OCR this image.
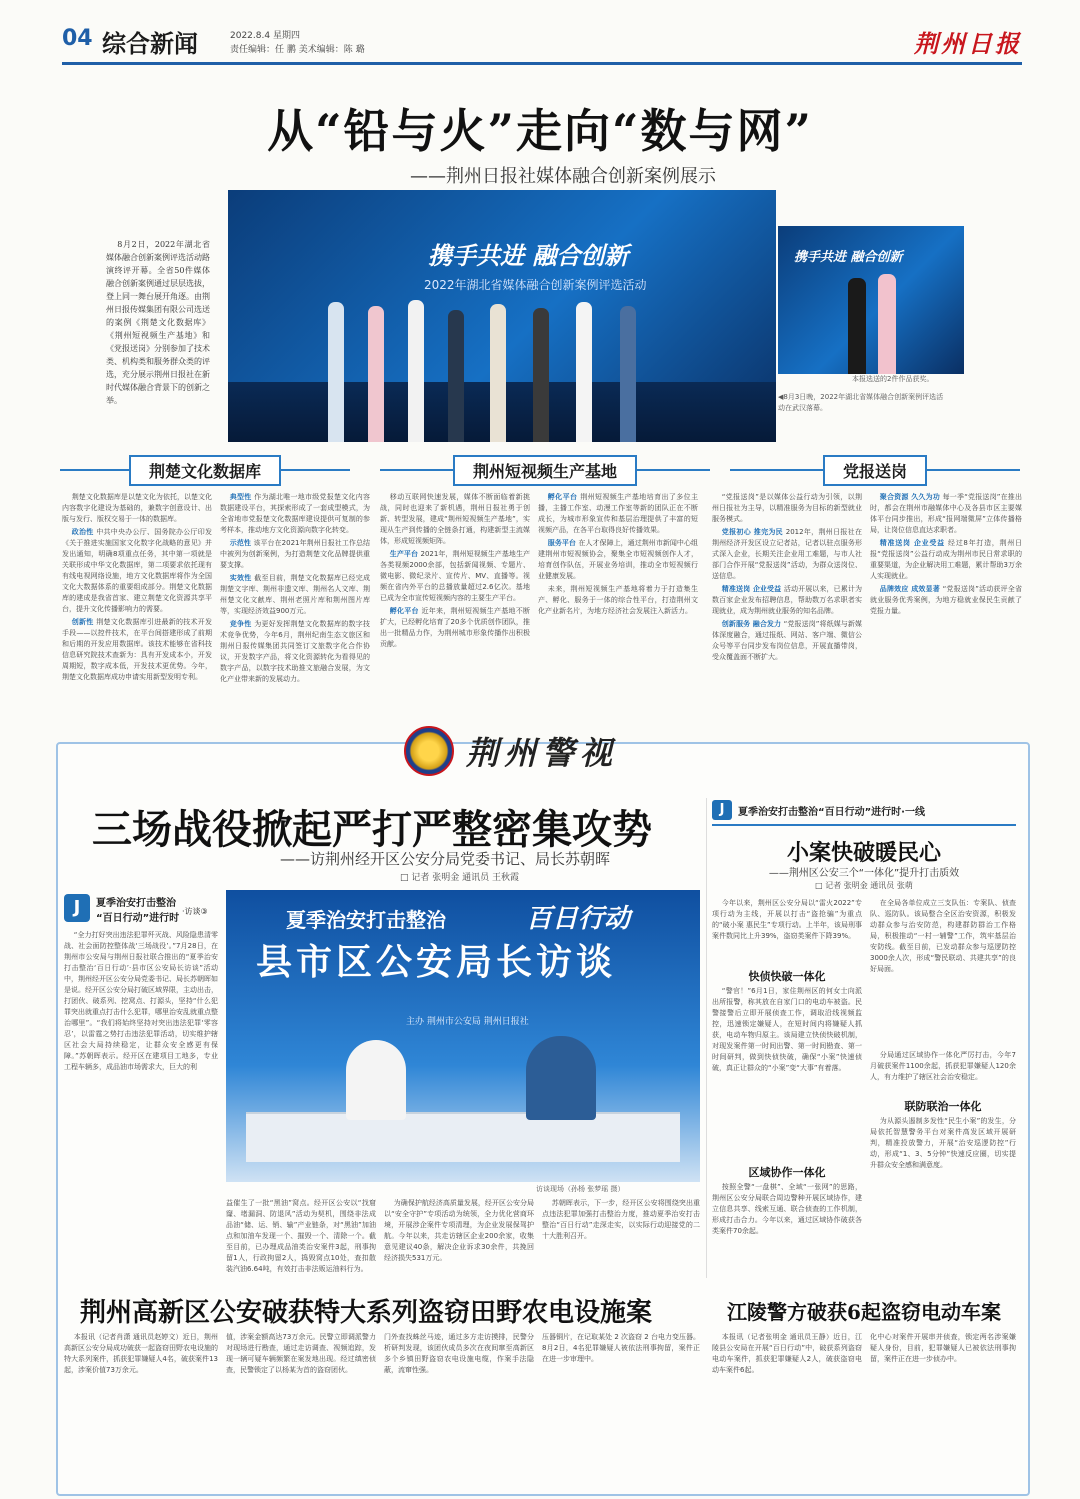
04 综合新闻	2022.8.4 星期四
责任编辑：任 鹏 美术编辑：陈 璐	荆州日报
从“铅与火”走向“数与网”
——荆州日报社媒体融合创新案例展示
8月2日，2022年湖北省媒体融合创新案例评选活动路演终评开幕。全省50件媒体融合创新案例通过层层选拔，登上同一舞台展开角逐。由荆州日报传媒集团有限公司选送的案例《荆楚文化数据库》《荆州短视频生产基地》和《党报送岗》分别参加了技术类、机构类和服务群众类的评选，充分展示荆州日报社在新时代媒体融合背景下的创新之举。
携手共进 融合创新
2022年湖北省媒体融合创新案例评选活动
携手共进 融合创新
本报选送的2件作品获奖。
◀8月3日晚，2022年湖北省媒体融合创新案例评选活动在武汉落幕。
荆楚文化数据库	荆州短视频生产基地	党报送岗

荆楚文化数据库是以楚文化为依托，以楚文化内容数字化建设为基础的，兼数字创意设计、出版与发行、版权交易于一体的数据库。

政治性 中共中央办公厅、国务院办公厅印发《关于推进实施国家文化数字化战略的意见》并发出通知，明确8项重点任务，其中第一项就是关联形成中华文化数据库，第二项要求依托现有有线电视网络设施，地方文化数据库将作为全国文化大数据体系的重要组成部分。荆楚文化数据库的建成是我省首家、建立荆楚文化资源共享平台，提升文化传播影响力的需要。

创新性 荆楚文化数据库引进最新的技术开发手段——以控件技术，在平台间搭建形成了前期和后期的开发应用数据库。该技术能够在省科技信息研究院技术查新为：具有开发成本小，开发周期短，数字成本低，开发技术更优势。今年，荆楚文化数据库成功申请实用新型发明专利。

典型性 作为湖北唯一地市级党报楚文化内容数据建设平台，其探索形成了一套成型模式，为全省地市党报楚文化数据库建设提供可复制的参考样本，推动地方文化资源向数字化转变。

示范性 该平台在2021年荆州日报社工作总结中被列为创新案例，为打造荆楚文化品牌提供重要支撑。

实效性 截至目前，荆楚文化数据库已经完成荆楚文字库、荆州非遗文库、荆州名人文库、荆州楚文化文献库、荆州老照片库和荆州图片库等，实现经济效益900万元。

竞争性 为更好发挥荆楚文化数据库的数字技术竞争优势，今年6月，荆州纪南生态文旅区和荆州日报传媒集团共同签订文旅数字化合作协议，开发数字产品，将文化资源转化为看得见的数字产品，以数字技术助推文旅融合发展，为文化产业带来新的发展动力。

移动互联网快速发展，媒体不断面临着新挑战，同时也迎来了新机遇，荆州日报社勇于创新、转型发展，建成“荆州短视频生产基地”，实现从生产到传播的全链条打通，构建新型主流媒体，形成短视频矩阵。

生产平台 2021年，荆州短视频生产基地生产各类视频2000余部，包括新闻视频、专题片、微电影、微纪录片、宣传片、MV、直播等。视频在省内外平台的总播放量超过2.6亿次。基地已成为全市宣传短视频内容的主要生产平台。

孵化平台 近年来，荆州短视频生产基地不断扩大，已经孵化培育了20多个优质创作团队，推出一批精品力作，为荆州城市形象传播作出积极贡献。

孵化平台 荆州短视频生产基地培育出了多位主播，主播工作室、动漫工作室等新的团队正在不断成长，为城市形象宣传和基层治理提供了丰富的短视频产品，在各平台取得良好传播效果。

服务平台 在人才保障上，通过荆州市新闻中心组建荆州市短视频协会，聚集全市短视频创作人才，培育创作队伍，开展业务培训，推动全市短视频行业健康发展。

未来，荆州短视频生产基地将着力于打造集生产、孵化、服务于一体的综合性平台，打造荆州文化产业新名片，为地方经济社会发展注入新活力。

“党报送岗”是以媒体公益行动为引领，以荆州日报社为主导，以精准服务为目标的新型就业服务模式。

党报初心 推完为民 2012年，荆州日报社在荆州经济开发区设立记者站，记者以驻点服务形式深入企业，长期关注企业用工难题，与市人社部门合作开展“党报送岗”活动，为群众送岗位、送信息。

精准送岗 企业受益 活动开展以来，已累计为数百家企业发布招聘信息，帮助数万名求职者实现就业，成为荆州就业服务的知名品牌。

创新服务 融合发力 “党报送岗”将纸媒与新媒体深度融合，通过报纸、网站、客户端、微信公众号等平台同步发布岗位信息，开展直播带岗，受众覆盖面不断扩大。

聚合资源 久久为功 每一季“党报送岗”在推出时，都会在荆州市融媒体中心及各县市区主要媒体平台同步推出，形成“报网端微屏”立体传播格局，让岗位信息直达求职者。

精准送岗 企业受益 经过8年打造，荆州日报“党报送岗”公益行动成为荆州市民日常求职的重要渠道，为企业解决用工难题，累计帮助3万余人实现就业。

品牌效应 成效显著 “党报送岗”活动获评全省就业服务优秀案例，为地方稳就业保民生贡献了党报力量。

荆州警视
三场战役掀起严打严整密集攻势
——访荆州经开区公安分局党委书记、局长苏朝晖
□ 记者 张明金 通讯员 王秋霞
J	夏季治安打击整治
“百日行动”进行时
·访谈③
“全力打好突出违法犯罪歼灭战、风险隐患清零战、社会面防控整体战‘三场战役’。”7月28日，在荆州市公安局与荆州日报社联合推出的“夏季治安打击整治‘百日行动’·县市区公安局长访谈”活动中，荆州经开区公安分局党委书记、局长苏朝晖如是说。经开区公安分局打破区域界限，主动出击，打团伙、破系列、挖窝点、打源头，坚持“什么犯罪突出就重点打击什么犯罪，哪里治安乱就重点整治哪里”。“我们将始终坚持对突出违法犯罪‘零容忍’，以雷霆之势打击违法犯罪活动，切实维护辖区社会大局持续稳定，让群众安全感更有保障。”苏朝晖表示。经开区在建项目工地多，专业工程车辆多，成品油市场需求大，巨大的利
夏季治安打击整治	百日行动
县市区公安局长访谈
主办 荆州市公安局 荆州日报社
访谈现场（孙杨 张梦瑶 摄）
益催生了一批“黑油”窝点。经开区公安以“找窟窿、堵漏洞、防退风”活动为契机，围绕非法成品油“储、运、销、输”产业链条，对“黑油”加油点和加油车发现一个、摧毁一个、清除一个。截至目前，已办理成品油类治安案件3起，刑事拘留1人，行政拘留2人，捣毁窝点10处，查扣散装汽油6.64吨，有效打击非法贩运油料行为。
为确保护航经济高质量发展，经开区公安分局以“安全守护”专项活动为统领，全力优化营商环境，开展涉企案件专项清理，为企业发展保驾护航。今年以来，共走访辖区企业200余家，收集意见建议40条，解决企业诉求30余件，共挽回经济损失531万元。
苏朝晖表示，下一步，经开区公安将围绕突出重点违法犯罪加强打击整治力度，推动夏季治安打击整治“百日行动”走深走实，以实际行动迎接党的二十大胜利召开。
J	夏季治安打击整治“百日行动”进行时·一线
小案快破暖民心
——荆州区公安三个“一体化”提升打击质效
□ 记者 张明金 通讯员 张萌
今年以来，荆州区公安分局以“雷火2022”专项行动为主线，开展以打击“盗抢骗”为重点的“破小案 惠民生”专项行动。上半年，该局刑事案件数同比上升39%，盗窃类案件下降39%。
快侦快破一体化
“警官！”6月1日，家住荆州区的何女士向派出所报警，称其放在自家门口的电动车被盗。民警接警后立即开展侦查工作，调取沿线视频监控，迅速锁定嫌疑人，在短时间内将嫌疑人抓获，电动车物归原主。该局建立快侦快破机制，对现发案件第一时间出警、第一时间勘查、第一时间研判，做到快侦快破，确保“小案”快速侦破，真正让群众的“小案”变“大事”有着落。
区域协作一体化
按照全警“一盘棋”、全域“一张网”的思路，荆州区公安分局联合周边警种开展区域协作，建立信息共享、线索互通、联合侦查的工作机制，形成打击合力。今年以来，通过区域协作破获各类案件70余起。
在全局各单位成立三支队伍：专案队、侦查队、巡防队。该局整合全区治安资源，积极发动群众参与治安防范，构建群防群治工作格局，积极推动“一村一辅警”工作，筑牢基层治安防线。截至目前，已发动群众参与巡逻防控3000余人次，形成“警民联动、共建共享”的良好局面。
分局通过区域协作一体化严厉打击，今年7月破获案件1100余起，抓获犯罪嫌疑人120余人，有力维护了辖区社会治安稳定。
联防联治一体化
为从源头遏制多发性“民生小案”的发生，分局依托智慧警务平台对案件高发区域开展研判，精准投放警力，开展“治安巡逻防控”行动，形成“1、3、5分钟”快速反应圈，切实提升群众安全感和满意度。
荆州高新区公安破获特大系列盗窃田野农电设施案
本报讯（记者肖潇 通讯员赵婷文）近日，荆州高新区公安分局成功破获一起盗窃田野农电设施的特大系列案件，抓获犯罪嫌疑人4名，破获案件13起，涉案价值73万余元。
值，涉案金额高达73万余元。民警立即调派警力对现场进行勘查，通过走访调查、视频追踪，发现一辆可疑车辆频繁在案发地出现。经过缜密侦查，民警锁定了以杨某为首的盗窃团伙。
门外查找蛛丝马迹，通过多方走访摸排，民警分析研判发现，该团伙成员多次在夜间窜至高新区多个乡镇田野盗窃农电设施电缆，作案手法隐蔽，流窜性强。
压器铜片，在记取某处 2 次盗窃 2 台电力变压器。8月2日，4名犯罪嫌疑人被依法刑事拘留，案件正在进一步审理中。
江陵警方破获6起盗窃电动车案
本报讯（记者张明金 通讯员王静）近日，江陵县公安局在开展“百日行动”中，破获系列盗窃电动车案件，抓获犯罪嫌疑人2人，破获盗窃电动车案件6起。
化中心对案件开展串并侦查，锁定两名涉案嫌疑人身份，目前，犯罪嫌疑人已被依法刑事拘留，案件正在进一步侦办中。
